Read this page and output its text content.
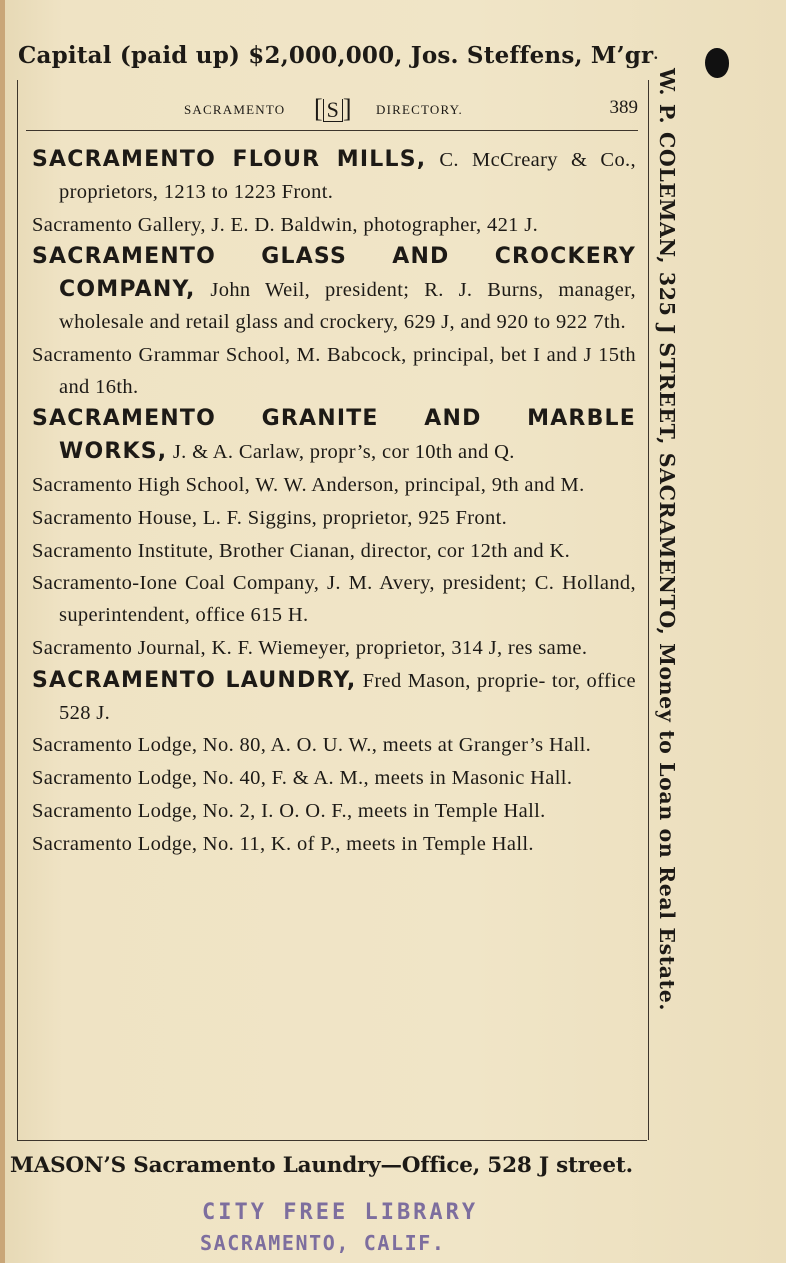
Capital (paid up) $2,000,000, Jos. Steffens, M’gr.
SACRAMENTO [ S ] DIRECTORY.	389
SACRAMENTO FLOUR MILLS, C. McCreary & Co., proprietors, 1213 to 1223 Front.
Sacramento Gallery, J. E. D. Baldwin, photographer, 421 J.
SACRAMENTO GLASS AND CROCKERY COMPANY, John Weil, president; R. J. Burns, manager, wholesale and retail glass and crockery, 629 J, and 920 to 922 7th.
Sacramento Grammar School, M. Babcock, principal, bet I and J 15th and 16th.
SACRAMENTO GRANITE AND MARBLE WORKS, J. & A. Carlaw, propr’s, cor 10th and Q.
Sacramento High School, W. W. Anderson, principal, 9th and M.
Sacramento House, L. F. Siggins, proprietor, 925 Front.
Sacramento Institute, Brother Cianan, director, cor 12th and K.
Sacramento-Ione Coal Company, J. M. Avery, president; C. Holland, superintendent, office 615 H.
Sacramento Journal, K. F. Wiemeyer, proprietor, 314 J, res same.
SACRAMENTO LAUNDRY, Fred Mason, proprie- tor, office 528 J.
Sacramento Lodge, No. 80, A. O. U. W., meets at Granger’s Hall.
Sacramento Lodge, No. 40, F. & A. M., meets in Masonic Hall.
Sacramento Lodge, No. 2, I. O. O. F., meets in Temple Hall.
Sacramento Lodge, No. 11, K. of P., meets in Temple Hall.	W. P. COLEMAN, 325 J STREET, SACRAMENTO, Money to Loan on Real Estate.
MASON’S Sacramento Laundry—Office, 528 J street.
CITY FREE LIBRARY
SACRAMENTO, CALIF.
